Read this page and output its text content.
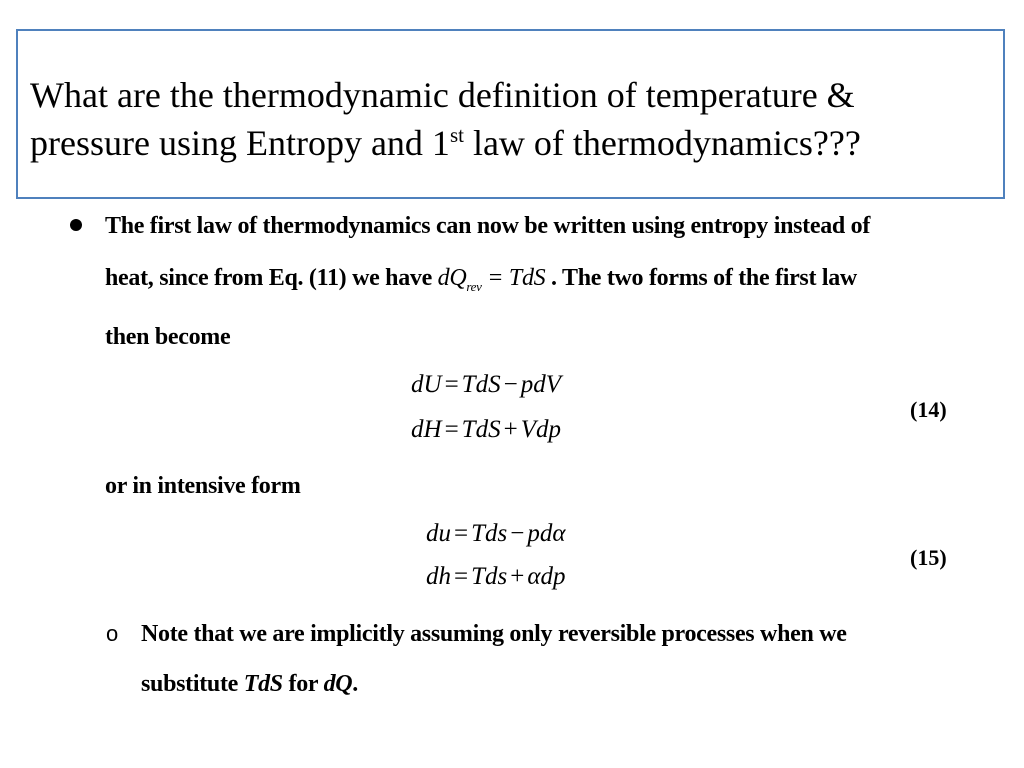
What are the thermodynamic definition of temperature &
pressure using Entropy and 1st law of thermodynamics???
The first law of thermodynamics can now be written using entropy instead of
heat, since from Eq. (11) we have $dQ_{rev}$ = TdS . The two forms of the first law
then become
dU = TdS − pdV
dH = TdS + Vdp
(14)
or in intensive form
du = Tds − pdα
dh = Tds + αdp
(15)
o Note that we are implicitly assuming only reversible processes when we
substitute TdS for dQ.
